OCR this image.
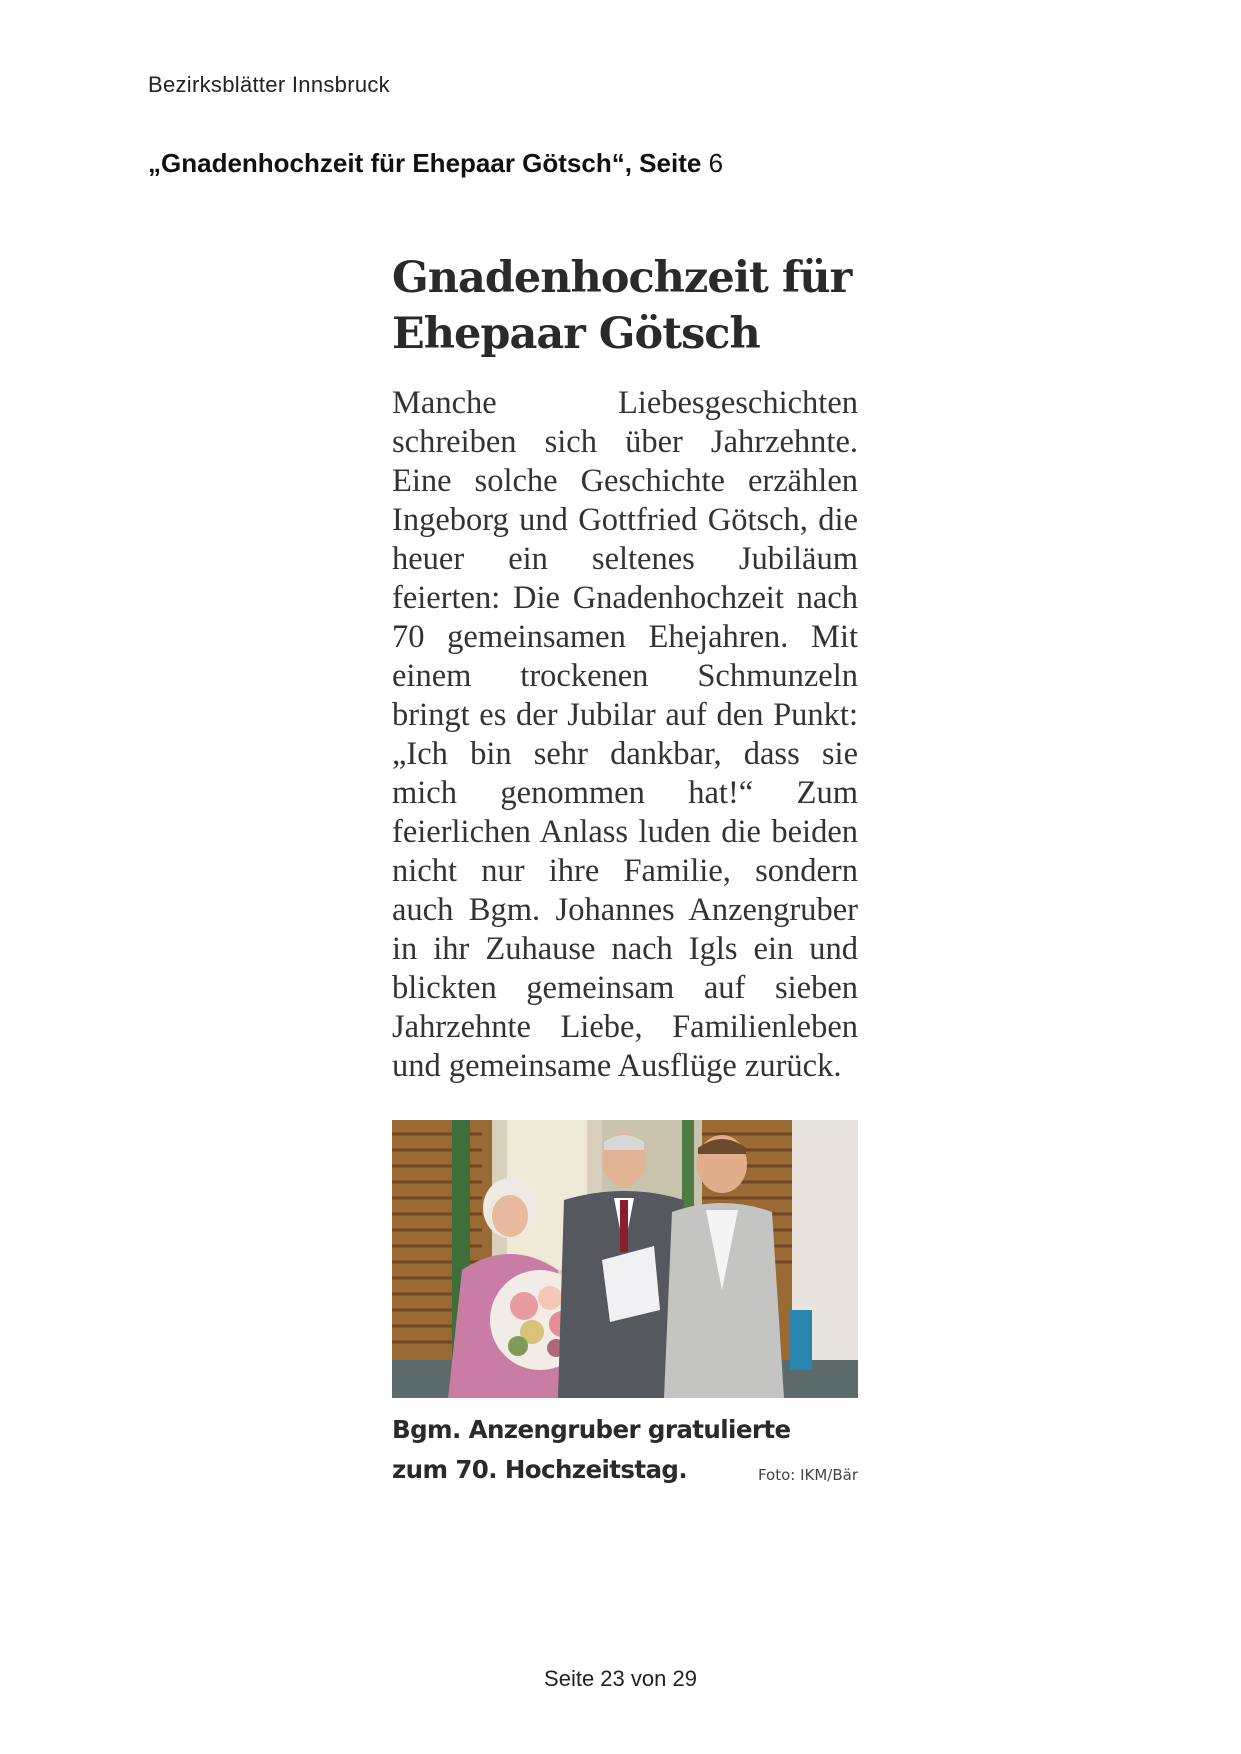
Bezirksblätter Innsbruck
„Gnadenhochzeit für Ehepaar Götsch“, Seite 6
Gnadenhochzeit für Ehepaar Götsch

Manche Liebesgeschichten schreiben sich über Jahrzehnte. Eine solche Geschichte erzählen Ingeborg und Gottfried Götsch, die heuer ein seltenes Jubiläum feierten: Die Gnadenhochzeit nach 70 gemeinsamen Ehejahren. Mit einem trockenen Schmunzeln bringt es der Jubilar auf den Punkt: „Ich bin sehr dankbar, dass sie mich genommen hat!“ Zum feierlichen Anlass luden die beiden nicht nur ihre Familie, sondern auch Bgm. Johannes Anzengruber in ihr Zuhause nach Igls ein und blickten gemeinsam auf sieben Jahrzehnte Liebe, Familienleben und gemeinsame Ausflüge zurück.

Bgm. Anzengruber gratulierte zum 70. Hochzeitstag.	Foto: IKM/Bär
Seite 23 von 29
